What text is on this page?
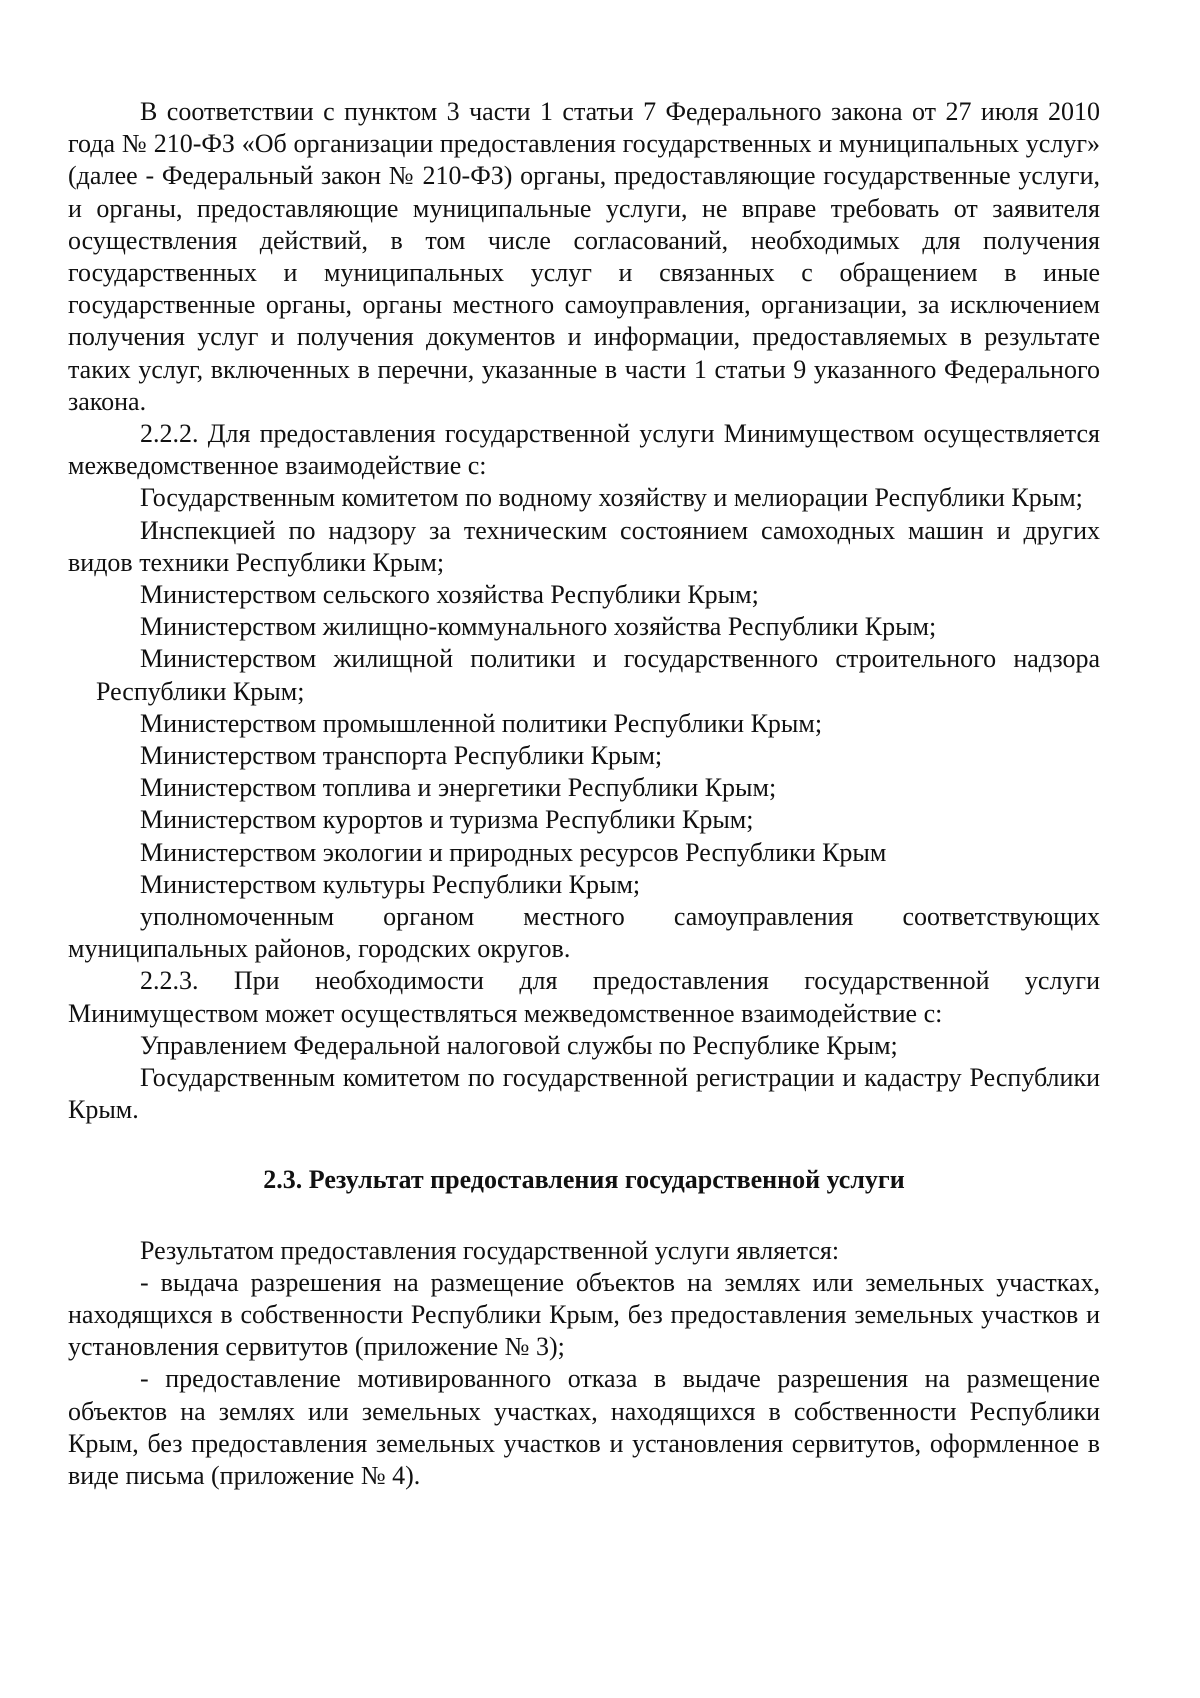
В соответствии с пунктом 3 части 1 статьи 7 Федерального закона от 27 июля 2010 года № 210-ФЗ «Об организации предоставления государственных и муниципальных услуг» (далее - Федеральный закон № 210-ФЗ) органы, предоставляющие государственные услуги, и органы, предоставляющие муниципальные услуги, не вправе требовать от заявителя осуществления действий, в том числе согласований, необходимых для получения государственных и муниципальных услуг и связанных с обращением в иные государственные органы, органы местного самоуправления, организации, за исключением получения услуг и получения документов и информации, предоставляемых в результате таких услуг, включенных в перечни, указанные в части 1 статьи 9 указанного Федерального закона.

2.2.2. Для предоставления государственной услуги Минимуществом осуществляется межведомственное взаимодействие с:

Государственным комитетом по водному хозяйству и мелиорации Республики Крым;

Инспекцией по надзору за техническим состоянием самоходных машин и других видов техники Республики Крым;

Министерством сельского хозяйства Республики Крым;

Министерством жилищно-коммунального хозяйства Республики Крым;

Министерством жилищной политики и государственного строительного надзора Республики Крым;

Министерством промышленной политики Республики Крым;

Министерством транспорта Республики Крым;

Министерством топлива и энергетики Республики Крым;

Министерством курортов и туризма Республики Крым;

Министерством экологии и природных ресурсов Республики Крым

Министерством культуры Республики Крым;

уполномоченным органом местного самоуправления соответствующих муниципальных районов, городских округов.

2.2.3. При необходимости для предоставления государственной услуги Минимуществом может осуществляться межведомственное взаимодействие с:

Управлением Федеральной налоговой службы по Республике Крым;

Государственным комитетом по государственной регистрации и кадастру Республики Крым.

2.3. Результат предоставления государственной услуги

Результатом предоставления государственной услуги является:

- выдача разрешения на размещение объектов на землях или земельных участках, находящихся в собственности Республики Крым, без предоставления земельных участков и установления сервитутов (приложение № 3);

- предоставление мотивированного отказа в выдаче разрешения на размещение объектов на землях или земельных участках, находящихся в собственности Республики Крым, без предоставления земельных участков и установления сервитутов, оформленное в виде письма (приложение № 4).
